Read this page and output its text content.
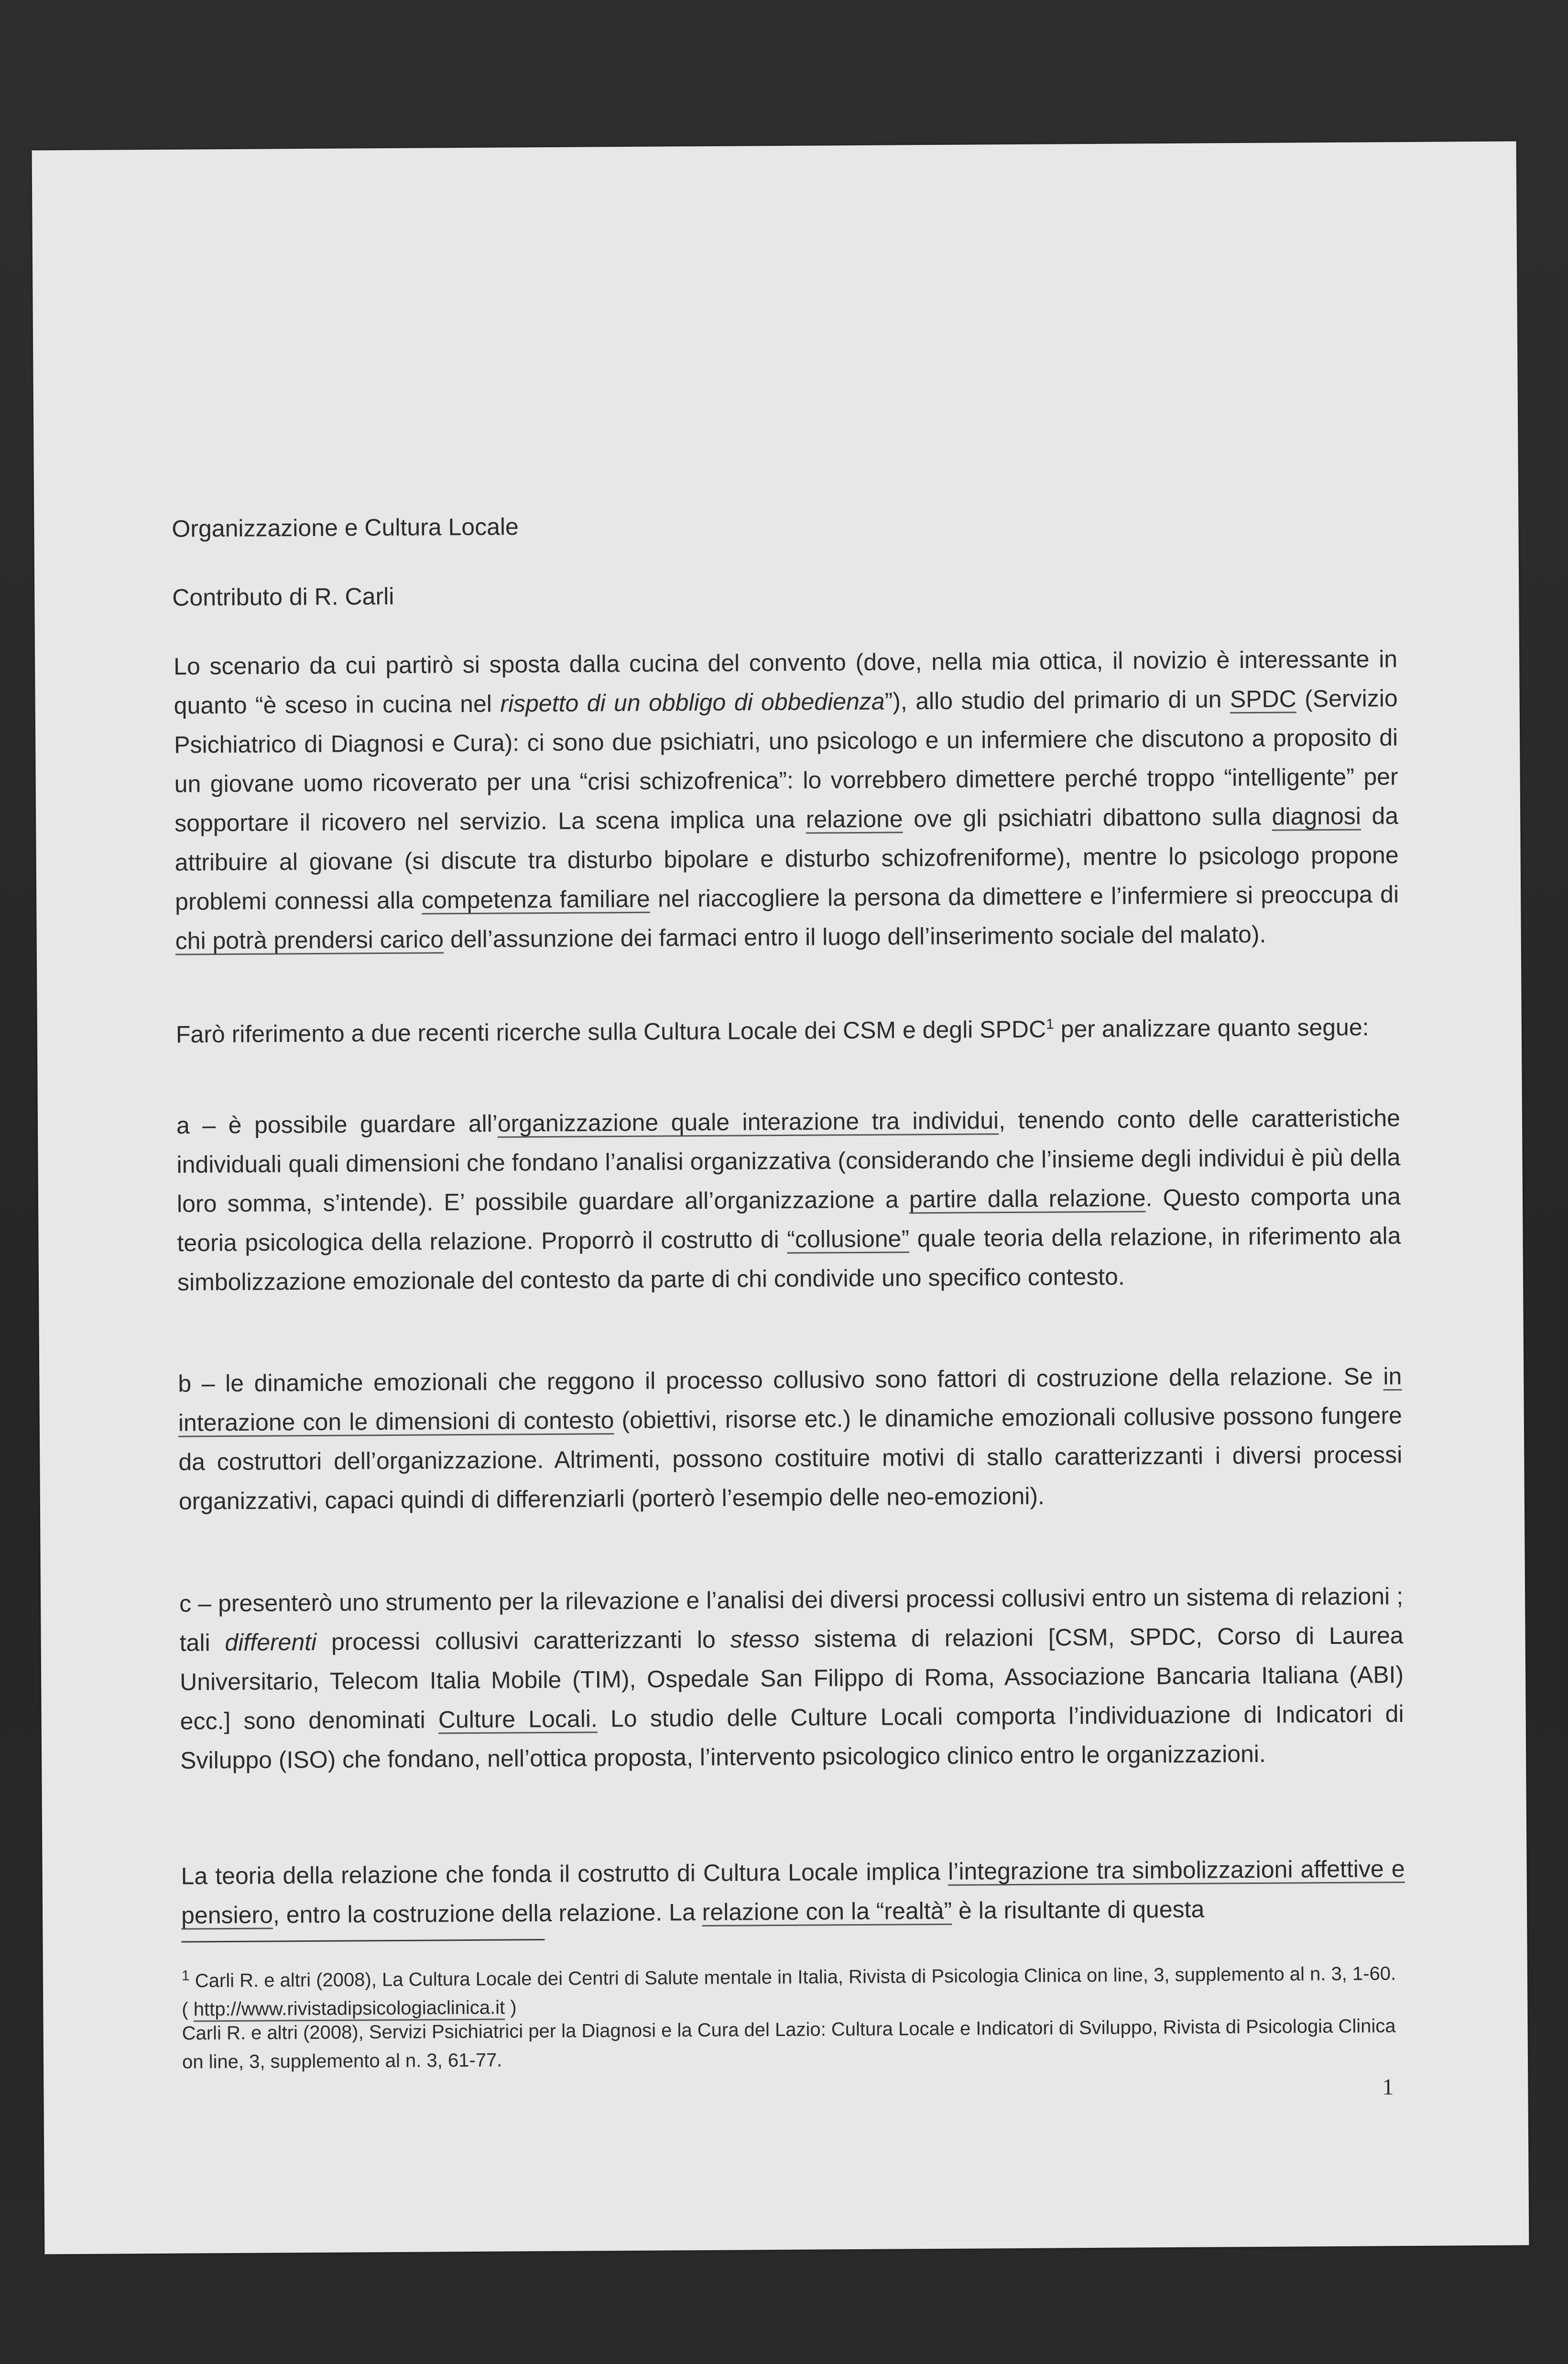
Organizzazione e Cultura Locale
Contributo di R. Carli
Lo scenario da cui partirò si sposta dalla cucina del convento (dove, nella mia ottica, il novizio è interessante in quanto “è sceso in cucina nel rispetto di un obbligo di obbedienza”), allo studio del primario di un SPDC (Servizio Psichiatrico di Diagnosi e Cura): ci sono due psichiatri, uno psicologo e un infermiere che discutono a proposito di un giovane uomo ricoverato per una “crisi schizofrenica”: lo vorrebbero dimettere perché troppo “intelligente” per sopportare il ricovero nel servizio. La scena implica una relazione ove gli psichiatri dibattono sulla diagnosi da attribuire al giovane (si discute tra disturbo bipolare e disturbo schizofreniforme), mentre lo psicologo propone problemi connessi alla competenza familiare nel riaccogliere la persona da dimettere e l’infermiere si preoccupa di chi potrà prendersi carico dell’assunzione dei farmaci entro il luogo dell’inserimento sociale del malato).
Farò riferimento a due recenti ricerche sulla Cultura Locale dei CSM e degli SPDC$^1$ per analizzare quanto segue:
a – è possibile guardare all’organizzazione quale interazione tra individui, tenendo conto delle caratteristiche individuali quali dimensioni che fondano l’analisi organizzativa (considerando che l’insieme degli individui è più della loro somma, s’intende). E’ possibile guardare all’organizzazione a partire dalla relazione. Questo comporta una teoria psicologica della relazione. Proporrò il costrutto di “collusione” quale teoria della relazione, in riferimento ala simbolizzazione emozionale del contesto da parte di chi condivide uno specifico contesto.
b – le dinamiche emozionali che reggono il processo collusivo sono fattori di costruzione della relazione. Se in interazione con le dimensioni di contesto (obiettivi, risorse etc.) le dinamiche emozionali collusive possono fungere da costruttori dell’organizzazione. Altrimenti, possono costituire motivi di stallo caratterizzanti i diversi processi organizzativi, capaci quindi di differenziarli (porterò l’esempio delle neo-emozioni).
c – presenterò uno strumento per la rilevazione e l’analisi dei diversi processi collusivi entro un sistema di relazioni ; tali differenti processi collusivi caratterizzanti lo stesso sistema di relazioni [CSM, SPDC, Corso di Laurea Universitario, Telecom Italia Mobile (TIM), Ospedale San Filippo di Roma, Associazione Bancaria Italiana (ABI) ecc.] sono denominati Culture Locali. Lo studio delle Culture Locali comporta l’individuazione di Indicatori di Sviluppo (ISO) che fondano, nell’ottica proposta, l’intervento psicologico clinico entro le organizzazioni.
La teoria della relazione che fonda il costrutto di Cultura Locale implica l’integrazione tra simbolizzazioni affettive e pensiero, entro la costruzione della relazione. La relazione con la “realtà” è la risultante di questa
$^1$ Carli R. e altri (2008), La Cultura Locale dei Centri di Salute mentale in Italia, Rivista di Psicologia Clinica on line, 3, supplemento al n. 3, 1-60. ( http://www.rivistadipsicologiaclinica.it )
Carli R. e altri (2008), Servizi Psichiatrici per la Diagnosi e la Cura del Lazio: Cultura Locale e Indicatori di Sviluppo, Rivista di Psicologia Clinica on line, 3, supplemento al n. 3, 61-77.
1
